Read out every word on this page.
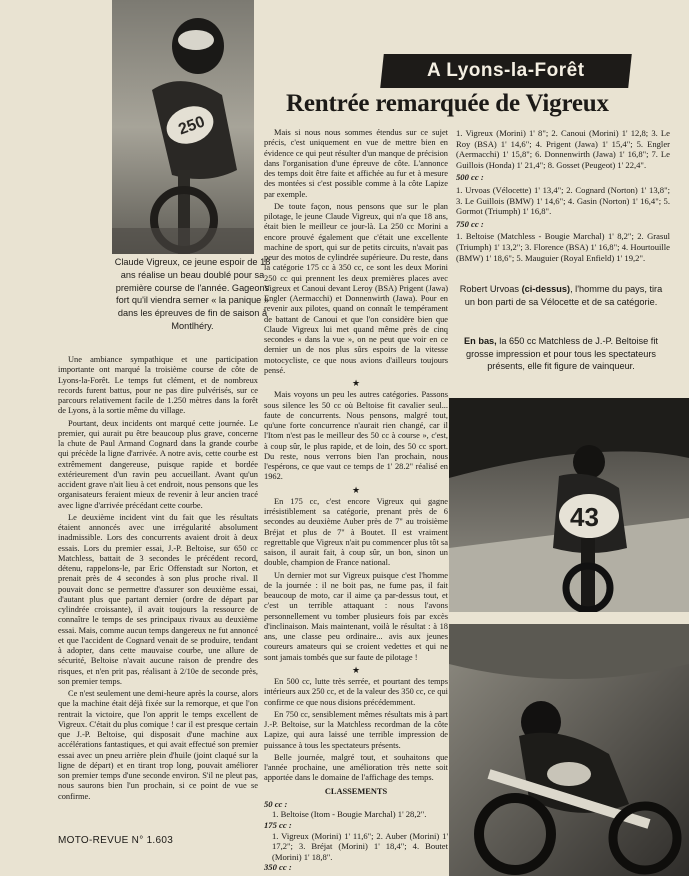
250
Claude Vigreux, ce jeune espoir de 18 ans réalise un beau doublé pour sa première course de l'année. Gageons fort qu'il viendra semer « la panique » dans les épreuves de fin de saison à Montlhéry.
A Lyons-la-Forêt
Rentrée remarquée de Vigreux

Une ambiance sympathique et une participation importante ont marqué la troisième course de côte de Lyons-la-Forêt. Le temps fut clément, et de nombreux records furent battus, pour ne pas dire pulvérisés, sur ce parcours relativement facile de 1.250 mètres dans la forêt de Lyons, à la sortie même du village.

Pourtant, deux incidents ont marqué cette journée. Le premier, qui aurait pu être beaucoup plus grave, concerne la chute de Paul Armand Cognard dans la grande courbe qui précède la ligne d'arrivée. A notre avis, cette courbe est extrêmement dangereuse, puisque rapide et bordée extérieurement d'un ravin peu accueillant. Avant qu'un accident grave n'ait lieu à cet endroit, nous pensons que les organisateurs feraient mieux de revenir à leur ancien tracé avec ligne d'arrivée précédant cette courbe.

Le deuxième incident vint du fait que les résultats étaient annoncés avec une irrégularité absolument inadmissible. Lors des concurrents avaient droit à deux essais. Lors du premier essai, J.-P. Beltoise, sur 650 cc Matchless, battait de 3 secondes le précédent record, détenu, rappelons-le, par Eric Offenstadt sur Norton, et prenait près de 4 secondes à son plus proche rival. Il pouvait donc se permettre d'assurer son deuxième essai, d'autant plus que partant dernier (ordre de départ par cylindrée croissante), il avait toujours la ressource de connaître le temps de ses principaux rivaux au deuxième essai. Mais, comme aucun temps dangereux ne fut annoncé et que l'accident de Cognard venait de se produire, tendant à adopter, dans cette mauvaise courbe, une allure de sécurité, Beltoise n'avait aucune raison de prendre des risques, et n'en prit pas, réalisant à 2/10e de seconde près, son premier temps.

Ce n'est seulement une demi-heure après la course, alors que la machine était déjà fixée sur la remorque, et que l'on rentrait la victoire, que l'on apprit le temps excellent de Vigreux. C'était du plus comique ! car il est presque certain que J.-P. Beltoise, qui disposait d'une machine aux accélérations fantastiques, et qui avait effectué son premier essai avec un pneu arrière plein d'huile (joint claqué sur la ligne de départ) et en tirant trop long, pouvait améliorer son premier temps d'une seconde environ. S'il ne pleut pas, nous saurons bien l'un prochain, si ce point de vue se confirme.

Mais si nous nous sommes étendus sur ce sujet précis, c'est uniquement en vue de mettre bien en évidence ce qui peut résulter d'un manque de précision dans l'organisation d'une épreuve de côte. L'annonce des temps doit être faite et affichée au fur et à mesure des montées si c'est possible comme à la côte Lapize par exemple.

De toute façon, nous pensons que sur le plan pilotage, le jeune Claude Vigreux, qui n'a que 18 ans, était bien le meilleur ce jour-là. La 250 cc Morini a encore prouvé également que c'était une excellente machine de sport, qui sur de petits circuits, n'avait pas peur des motos de cylindrée supérieure. Du reste, dans la catégorie 175 cc à 350 cc, ce sont les deux Morini 250 cc qui prennent les deux premières places avec Vigreux et Canoui devant Leroy (BSA) Prigent (Jawa) Engler (Aermacchi) et Donnenwirth (Jawa). Pour en revenir aux pilotes, quand on connaît le tempérament de battant de Canoui et que l'on considère bien que Claude Vigreux lui met quand même près de cinq secondes « dans la vue », on ne peut que voir en ce dernier un de nos plus sûrs espoirs de la vitesse motocycliste, ce que nous avions d'ailleurs toujours pensé.

★

Mais voyons un peu les autres catégories. Passons sous silence les 50 cc où Beltoise fit cavalier seul... faute de concurrents. Nous pensons, malgré tout, qu'une forte concurrence n'aurait rien changé, car il l'Itom n'est pas le meilleur des 50 cc à course », c'est, à coup sûr, le plus rapide, et de loin, des 50 cc sport. Du reste, nous verrons bien l'an prochain, nous l'espérons, ce que vaut ce temps de 1' 28.2" réalisé en 1962.

★

En 175 cc, c'est encore Vigreux qui gagne irrésistiblement sa catégorie, prenant près de 6 secondes au deuxième Auber près de 7" au troisième Bréjat et plus de 7" à Boutet. Il est vraiment regrettable que Vigreux n'ait pu commencer plus tôt sa saison, il aurait fait, à coup sûr, un bon, sinon un double, champion de France national.

Un dernier mot sur Vigreux puisque c'est l'homme de la journée : il ne boit pas, ne fume pas, il fait beaucoup de moto, car il aime ça par-dessus tout, et c'est un terrible attaquant : nous l'avons personnellement vu tomber plusieurs fois par excès d'inclinaison. Mais maintenant, voilà le résultat : à 18 ans, une classe peu ordinaire... avis aux jeunes coureurs amateurs qui se croient vedettes et qui ne sont jamais tombés que sur faute de pilotage !

★

En 500 cc, lutte très serrée, et pourtant des temps intérieurs aux 250 cc, et de la valeur des 350 cc, ce qui confirme ce que nous disions précédemment.

En 750 cc, sensiblement mêmes résultats mis à part J.-P. Beltoise, sur la Matchless recordman de la côte Lapize, qui aura laissé une terrible impression de puissance à tous les spectateurs présents.

Belle journée, malgré tout, et souhaitons que l'année prochaine, une amélioration très nette soit apportée dans le domaine de l'affichage des temps.

CLASSEMENTS

50 cc :
1. Beltoise (Itom - Bougie Marchal) 1' 28,2".
175 cc :
1. Vigreux (Morini) 1' 11,6"; 2. Auber (Morini) 1' 17,2"; 3. Bréjat (Morini) 1' 18,4"; 4. Boutet (Morini) 1' 18,8".
350 cc :

1. Vigreux (Morini) 1' 8"; 2. Canoui (Morini) 1' 12,8; 3. Le Roy (BSA) 1' 14,6"; 4. Prigent (Jawa) 1' 15,4"; 5. Engler (Aermacchi) 1' 15,8"; 6. Donnenwirth (Jawa) 1' 16,8"; 7. Le Guillois (Honda) 1' 21,4"; 8. Gosset (Peugeot) 1' 22,4".

500 cc :

1. Urvoas (Vélocette) 1' 13,4"; 2. Cognard (Norton) 1' 13,8"; 3. Le Guillois (BMW) 1' 14,6"; 4. Gasin (Norton) 1' 16,4"; 5. Gormot (Triumph) 1' 16,8".

750 cc :

1. Beltoise (Matchless - Bougie Marchal) 1' 8,2"; 2. Grasul (Triumph) 1' 13,2"; 3. Florence (BSA) 1' 16,8"; 4. Hourtouille (BMW) 1' 18,6"; 5. Mauguier (Royal Enfield) 1' 19,2".

Robert Urvoas (ci-dessus), l'homme du pays, tira un bon parti de sa Vélocette et de sa catégorie.
En bas, la 650 cc Matchless de J.-P. Beltoise fit grosse impression et pour tous les spectateurs présents, elle fit figure de vainqueur.
43
MOTO-REVUE N° 1.603
